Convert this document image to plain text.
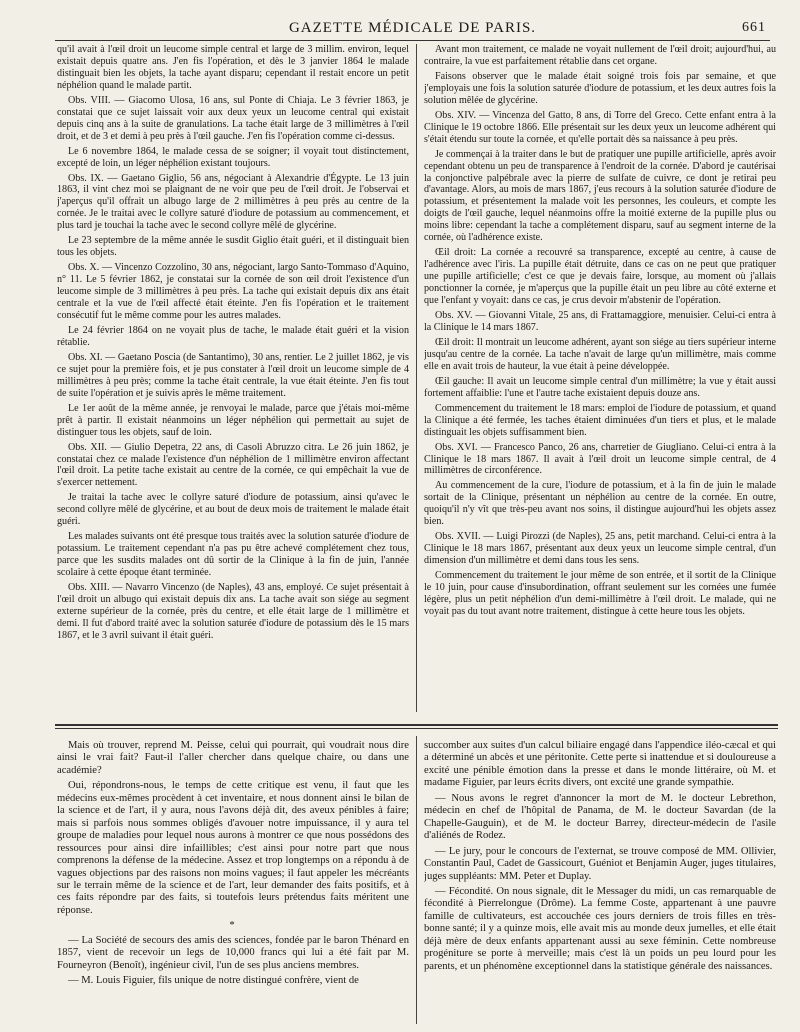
GAZETTE MÉDICALE DE PARIS.	661

qu'il avait à l'œil droit un leucome simple central et large de 3 millim. environ, lequel existait depuis quatre ans. J'en fis l'opération, et dès le 3 janvier 1864 le malade distinguait bien les objets, la tache ayant disparu; cependant il restait encore un petit néphélion quand le malade partit.

Obs. VIII. — Giacomo Ulosa, 16 ans, sul Ponte di Chiaja. Le 3 février 1863, je constatai que ce sujet laissait voir aux deux yeux un leucome central qui existait depuis cinq ans à la suite de granulations. La tache était large de 3 millimètres à l'œil droit, et de 3 et demi à peu près à l'œil gauche. J'en fis l'opération comme ci-dessus.

Le 6 novembre 1864, le malade cessa de se soigner; il voyait tout distinctement, excepté de loin, un léger néphélion existant toujours.

Obs. IX. — Gaetano Giglio, 56 ans, négociant à Alexandrie d'Égypte. Le 13 juin 1863, il vint chez moi se plaignant de ne voir que peu de l'œil droit. Je l'observai et j'aperçus qu'il offrait un albugo large de 2 millimètres à peu près au centre de la cornée. Je le traitai avec le collyre saturé d'iodure de potassium au commencement, et plus tard je touchai la tache avec le second collyre mêlé de glycérine.

Le 23 septembre de la même année le susdit Giglio était guéri, et il distinguait bien tous les objets.

Obs. X. — Vincenzo Cozzolino, 30 ans, négociant, largo Santo-Tommaso d'Aquino, n° 11. Le 5 février 1862, je constatai sur la cornée de son œil droit l'existence d'un leucome simple de 3 millimètres à peu près. La tache qui existait depuis dix ans était centrale et la vue de l'œil affecté était éteinte. J'en fis l'opération et le traitement consécutif fut le même comme pour les autres malades.

Le 24 février 1864 on ne voyait plus de tache, le malade était guéri et la vision rétablie.

Obs. XI. — Gaetano Poscia (de Santantimo), 30 ans, rentier. Le 2 juillet 1862, je vis ce sujet pour la première fois, et je pus constater à l'œil droit un leucome simple de 4 millimètres à peu près; comme la tache était centrale, la vue était éteinte. J'en fis tout de suite l'opération et je suivis après le même traitement.

Le 1er août de la même année, je renvoyai le malade, parce que j'étais moi-même prêt à partir. Il existait néanmoins un léger néphélion qui permettait au sujet de distinguer tous les objets, sauf de loin.

Obs. XII. — Giulio Depetra, 22 ans, di Casoli Abruzzo citra. Le 26 juin 1862, je constatai chez ce malade l'existence d'un néphélion de 1 millimètre environ affectant l'œil droit. La petite tache existait au centre de la cornée, ce qui empêchait la vue de s'exercer nettement.

Je traitai la tache avec le collyre saturé d'iodure de potassium, ainsi qu'avec le second collyre mêlé de glycérine, et au bout de deux mois de traitement le malade était guéri.

Les malades suivants ont été presque tous traités avec la solution saturée d'iodure de potassium. Le traitement cependant n'a pas pu être achevé complétement chez tous, parce que les susdits malades ont dû sortir de la Clinique à la fin de juin, l'année scolaire à cette époque étant terminée.

Obs. XIII. — Navarro Vincenzo (de Naples), 43 ans, employé. Ce sujet présentait à l'œil droit un albugo qui existait depuis dix ans. La tache avait son siége au segment externe supérieur de la cornée, près du centre, et elle était large de 1 millimètre et demi. Il fut d'abord traité avec la solution saturée d'iodure de potassium dès le 15 mars 1867, et le 3 avril suivant il était guéri.

Avant mon traitement, ce malade ne voyait nullement de l'œil droit; aujourd'hui, au contraire, la vue est parfaitement rétablie dans cet organe.

Faisons observer que le malade était soigné trois fois par semaine, et que j'employais une fois la solution saturée d'iodure de potassium, et les deux autres fois la solution mêlée de glycérine.

Obs. XIV. — Vincenza del Gatto, 8 ans, di Torre del Greco. Cette enfant entra à la Clinique le 19 octobre 1866. Elle présentait sur les deux yeux un leucome adhérent qui s'était étendu sur toute la cornée, et qu'elle portait dès sa naissance à peu près.

Je commençai à la traiter dans le but de pratiquer une pupille artificielle, après avoir cependant obtenu un peu de transparence à l'endroit de la cornée. D'abord je cautérisai la conjonctive palpébrale avec la pierre de sulfate de cuivre, ce dont je retirai peu d'avantage. Alors, au mois de mars 1867, j'eus recours à la solution saturée d'iodure de potassium, et présentement la malade voit les personnes, les couleurs, et compte les doigts de l'œil gauche, lequel néanmoins offre la moitié externe de la pupille plus ou moins libre: cependant la tache a complétement disparu, sauf au segment interne de la cornée, où l'adhérence existe.

Œil droit: La cornée a recouvré sa transparence, excepté au centre, à cause de l'adhérence avec l'iris. La pupille était détruite, dans ce cas on ne peut que pratiquer une pupille artificielle; c'est ce que je devais faire, lorsque, au moment où j'allais ponctionner la cornée, je m'aperçus que la pupille était un peu libre au côté externe et que l'enfant y voyait: dans ce cas, je crus devoir m'abstenir de l'opération.

Obs. XV. — Giovanni Vitale, 25 ans, di Frattamaggiore, menuisier. Celui-ci entra à la Clinique le 14 mars 1867.

Œil droit: Il montrait un leucome adhérent, ayant son siége au tiers supérieur interne jusqu'au centre de la cornée. La tache n'avait de large qu'un millimètre, mais comme elle en avait trois de hauteur, la vue était à peine développée.

Œil gauche: Il avait un leucome simple central d'un millimètre; la vue y était aussi fortement affaiblie: l'une et l'autre tache existaient depuis douze ans.

Commencement du traitement le 18 mars: emploi de l'iodure de potassium, et quand la Clinique a été fermée, les taches étaient diminuées d'un tiers et plus, et le malade distinguait les objets suffisamment bien.

Obs. XVI. — Francesco Panco, 26 ans, charretier de Giugliano. Celui-ci entra à la Clinique le 18 mars 1867. Il avait à l'œil droit un leucome simple central, de 4 millimètres de circonférence.

Au commencement de la cure, l'iodure de potassium, et à la fin de juin le malade sortait de la Clinique, présentant un néphélion au centre de la cornée. En outre, quoiqu'il n'y vît que très-peu avant nos soins, il distingue aujourd'hui les objets assez bien.

Obs. XVII. — Luigi Pirozzi (de Naples), 25 ans, petit marchand. Celui-ci entra à la Clinique le 18 mars 1867, présentant aux deux yeux un leucome simple central, d'un dimension d'un millimètre et demi dans tous les sens.

Commencement du traitement le jour même de son entrée, et il sortit de la Clinique le 10 juin, pour cause d'insubordination, offrant seulement sur les cornées une fumée légère, plus un petit néphélion d'un demi-millimètre à l'œil droit. Le malade, qui ne voyait pas du tout avant notre traitement, distingue à cette heure tous les objets.

Mais où trouver, reprend M. Peisse, celui qui pourrait, qui voudrait nous dire ainsi le vrai fait? Faut-il l'aller chercher dans quelque chaire, ou dans une académie?

Oui, répondrons-nous, le temps de cette critique est venu, il faut que les médecins eux-mêmes procèdent à cet inventaire, et nous donnent ainsi le bilan de la science et de l'art, il y aura, nous l'avons déjà dit, des aveux pénibles à faire; mais si parfois nous sommes obligés d'avouer notre impuissance, il y aura tel groupe de maladies pour lequel nous aurons à montrer ce que nous possédons des ressources pour ainsi dire infaillibles; c'est ainsi pour notre part que nous comprenons la défense de la médecine. Assez et trop longtemps on a répondu à de vagues objections par des raisons non moins vagues; il faut appeler les mécréants sur le terrain même de la science et de l'art, leur demander des faits positifs, et à ces faits répondre par des faits, si toutefois leurs prétendus faits méritent une réponse.

*

— La Société de secours des amis des sciences, fondée par le baron Thénard en 1857, vient de recevoir un legs de 10,000 francs qui lui a été fait par M. Fourneyron (Benoît), ingénieur civil, l'un de ses plus anciens membres.

— M. Louis Figuier, fils unique de notre distingué confrère, vient de

succomber aux suites d'un calcul biliaire engagé dans l'appendice iléo-cæcal et qui a déterminé un abcès et une péritonite. Cette perte si inattendue et si douloureuse a excité une pénible émotion dans la presse et dans le monde littéraire, où M. et madame Figuier, par leurs écrits divers, ont excité une grande sympathie.

— Nous avons le regret d'annoncer la mort de M. le docteur Lebrethon, médecin en chef de l'hôpital de Panama, de M. le docteur Savardan (de la Chapelle-Gauguin), et de M. le docteur Barrey, directeur-médecin de l'asile d'aliénés de Rodez.

— Le jury, pour le concours de l'externat, se trouve composé de MM. Ollivier, Constantin Paul, Cadet de Gassicourt, Guéniot et Benjamin Auger, juges titulaires, juges suppléants: MM. Peter et Duplay.

— Fécondité. On nous signale, dit le Messager du midi, un cas remarquable de fécondité à Pierrelongue (Drôme). La femme Coste, appartenant à une pauvre famille de cultivateurs, est accouchée ces jours derniers de trois filles en très-bonne santé; il y a quinze mois, elle avait mis au monde deux jumelles, et elle était déjà mère de deux enfants appartenant aussi au sexe féminin. Cette nombreuse progéniture se porte à merveille; mais c'est là un poids un peu lourd pour les parents, et un phénomène exceptionnel dans la statistique générale des naissances.
